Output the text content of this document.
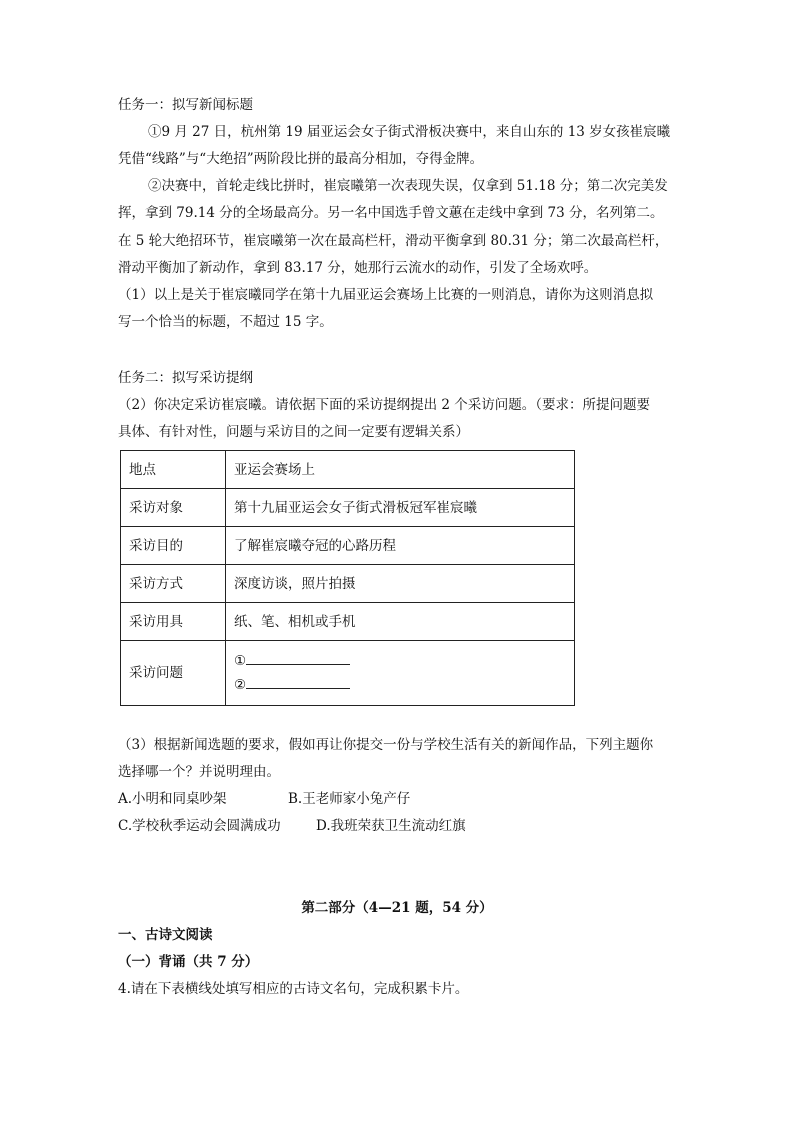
任务一：拟写新闻标题
①9 月 27 日，杭州第 19 届亚运会女子街式滑板决赛中，来自山东的 13 岁女孩崔宸曦
凭借“线路”与“大绝招”两阶段比拼的最高分相加，夺得金牌。
②决赛中，首轮走线比拼时，崔宸曦第一次表现失误，仅拿到 51.18 分；第二次完美发
挥，拿到 79.14 分的全场最高分。另一名中国选手曾文蕙在走线中拿到 73 分，名列第二。
在 5 轮大绝招环节，崔宸曦第一次在最高栏杆，滑动平衡拿到 80.31 分；第二次最高栏杆，
滑动平衡加了新动作，拿到 83.17 分，她那行云流水的动作，引发了全场欢呼。
（1）以上是关于崔宸曦同学在第十九届亚运会赛场上比赛的一则消息，请你为这则消息拟
写一个恰当的标题，不超过 15 字。
任务二：拟写采访提纲
（2）你决定采访崔宸曦。请依据下面的采访提纲提出 2 个采访问题。（要求：所提问题要
具体、有针对性，问题与采访目的之间一定要有逻辑关系）
地点	亚运会赛场上
采访对象	第十九届亚运会女子街式滑板冠军崔宸曦
采访目的	了解崔宸曦夺冠的心路历程
采访方式	深度访谈，照片拍摄
采访用具	纸、笔、相机或手机
采访问题	①
②
（3）根据新闻选题的要求，假如再让你提交一份与学校生活有关的新闻作品，下列主题你
选择哪一个？并说明理由。
A.小明和同桌吵架	B.王老师家小兔产仔
C.学校秋季运动会圆满成功	D.我班荣获卫生流动红旗
第二部分（4—21 题，54 分）
一、古诗文阅读
（一）背诵（共 7 分）
4.请在下表横线处填写相应的古诗文名句，完成积累卡片。
